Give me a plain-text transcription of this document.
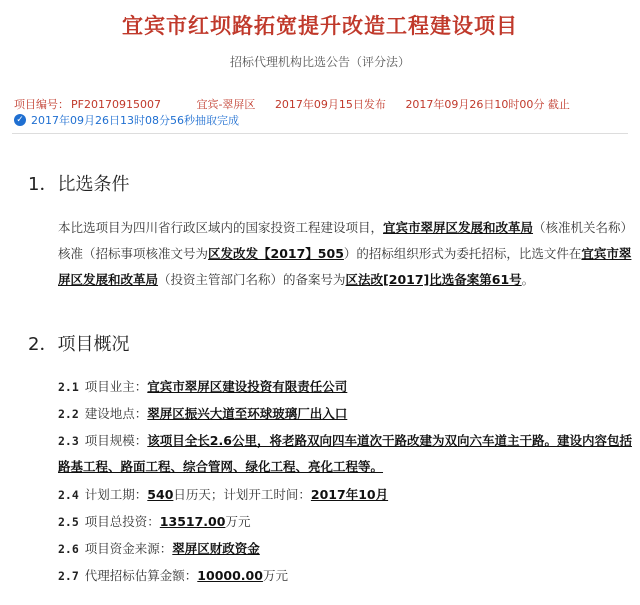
宜宾市红坝路拓宽提升改造工程建设项目
招标代理机构比选公告（评分法）
项目编号： PF20170915007	宜宾-翠屏区 2017年09月15日发布 2017年09月26日10时00分 截止
✓ 2017年09月26日13时08分56秒抽取完成
1．比选条件
本比选项目为四川省行政区域内的国家投资工程建设项目，宜宾市翠屏区发展和改革局（核准机关名称）核准（招标事项核准文号为区发改发【2017】505）的招标组织形式为委托招标，比选文件在宜宾市翠屏区发展和改革局（投资主管部门名称）的备案号为区法改[2017]比选备案第61号。
2．项目概况
2.1 项目业主：宜宾市翠屏区建设投资有限责任公司
2.2 建设地点：翠屏区振兴大道至环球玻璃厂出入口
2.3 项目规模：该项目全长2.6公里，将老路双向四车道次干路改建为双向六车道主干路。建设内容包括路基工程、路面工程、综合管网、绿化工程、亮化工程等。
2.4 计划工期：540日历天；计划开工时间：2017年10月
2.5 项目总投资：13517.00万元
2.6 项目资金来源：翠屏区财政资金
2.7 代理招标估算金额：10000.00万元
